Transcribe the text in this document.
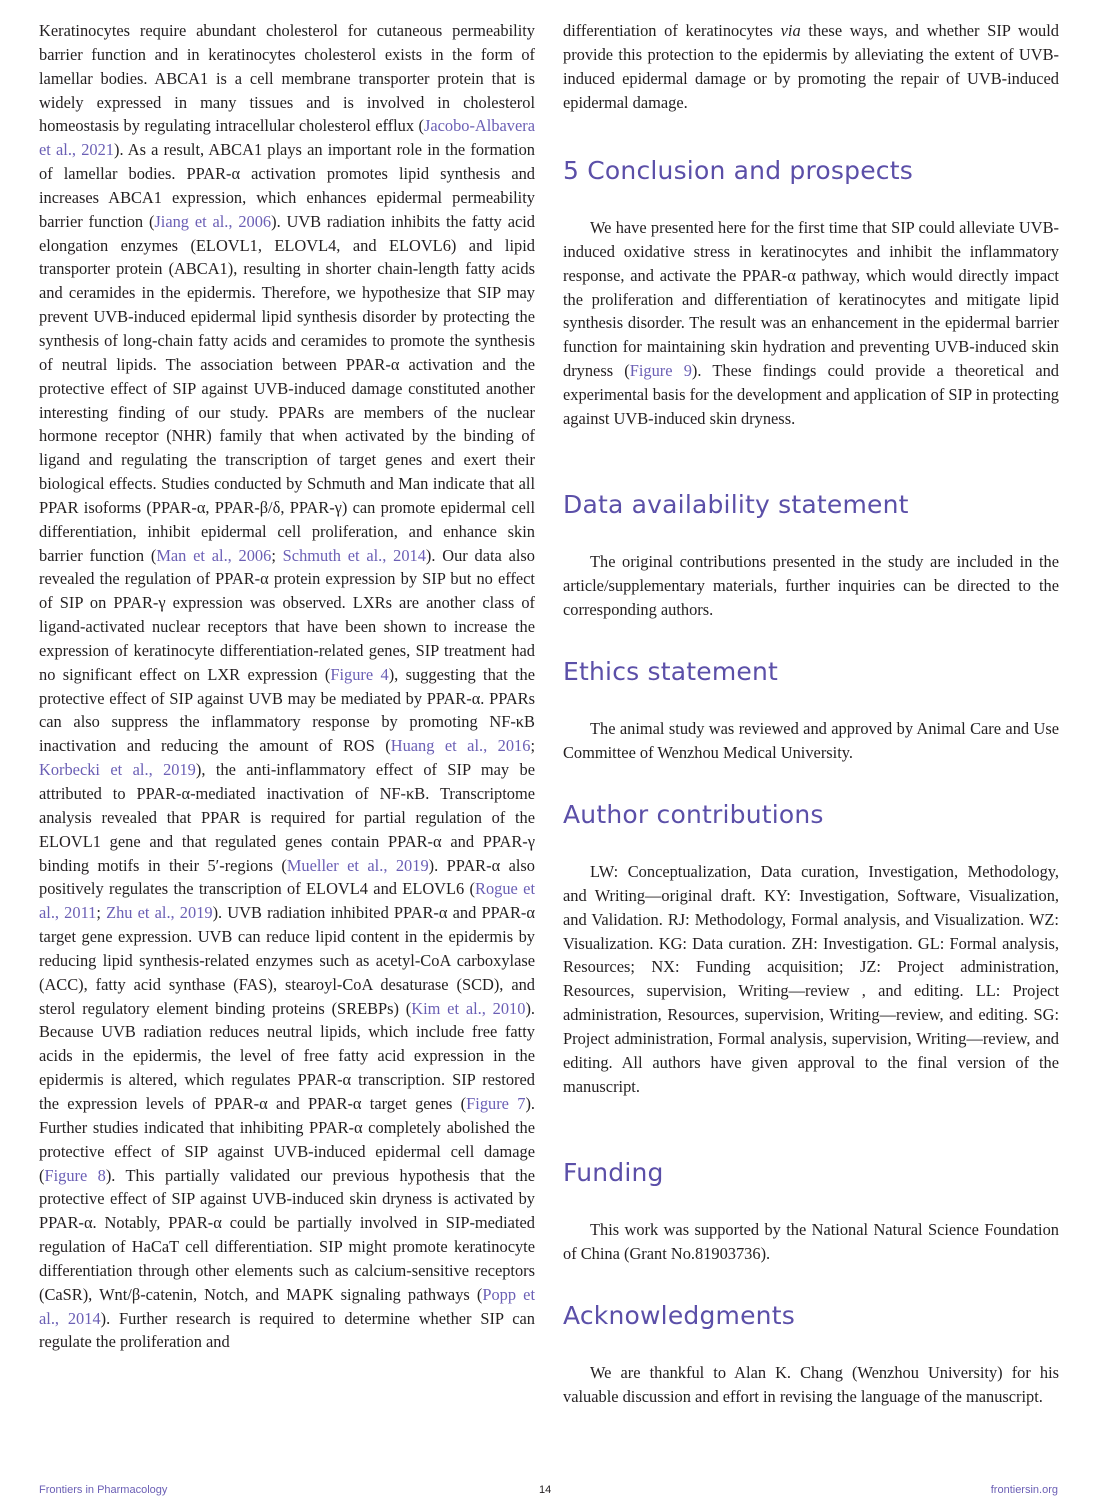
Keratinocytes require abundant cholesterol for cutaneous permeability barrier function and in keratinocytes cholesterol exists in the form of lamellar bodies. ABCA1 is a cell membrane transporter protein that is widely expressed in many tissues and is involved in cholesterol homeostasis by regulating intracellular cholesterol efflux (Jacobo-Albavera et al., 2021). As a result, ABCA1 plays an important role in the formation of lamellar bodies. PPAR-α activation promotes lipid synthesis and increases ABCA1 expression, which enhances epidermal permeability barrier function (Jiang et al., 2006). UVB radiation inhibits the fatty acid elongation enzymes (ELOVL1, ELOVL4, and ELOVL6) and lipid transporter protein (ABCA1), resulting in shorter chain-length fatty acids and ceramides in the epidermis. Therefore, we hypothesize that SIP may prevent UVB-induced epidermal lipid synthesis disorder by protecting the synthesis of long-chain fatty acids and ceramides to promote the synthesis of neutral lipids. The association between PPAR-α activation and the protective effect of SIP against UVB-induced damage constituted another interesting finding of our study. PPARs are members of the nuclear hormone receptor (NHR) family that when activated by the binding of ligand and regulating the transcription of target genes and exert their biological effects. Studies conducted by Schmuth and Man indicate that all PPAR isoforms (PPAR-α, PPAR-β/δ, PPAR-γ) can promote epidermal cell differentiation, inhibit epidermal cell proliferation, and enhance skin barrier function (Man et al., 2006; Schmuth et al., 2014). Our data also revealed the regulation of PPAR-α protein expression by SIP but no effect of SIP on PPAR-γ expression was observed. LXRs are another class of ligand-activated nuclear receptors that have been shown to increase the expression of keratinocyte differentiation-related genes, SIP treatment had no significant effect on LXR expression (Figure 4), suggesting that the protective effect of SIP against UVB may be mediated by PPAR-α. PPARs can also suppress the inflammatory response by promoting NF-κB inactivation and reducing the amount of ROS (Huang et al., 2016; Korbecki et al., 2019), the anti-inflammatory effect of SIP may be attributed to PPAR-α-mediated inactivation of NF-κB. Transcriptome analysis revealed that PPAR is required for partial regulation of the ELOVL1 gene and that regulated genes contain PPAR-α and PPAR-γ binding motifs in their 5′-regions (Mueller et al., 2019). PPAR-α also positively regulates the transcription of ELOVL4 and ELOVL6 (Rogue et al., 2011; Zhu et al., 2019). UVB radiation inhibited PPAR-α and PPAR-α target gene expression. UVB can reduce lipid content in the epidermis by reducing lipid synthesis-related enzymes such as acetyl-CoA carboxylase (ACC), fatty acid synthase (FAS), stearoyl-CoA desaturase (SCD), and sterol regulatory element binding proteins (SREBPs) (Kim et al., 2010). Because UVB radiation reduces neutral lipids, which include free fatty acids in the epidermis, the level of free fatty acid expression in the epidermis is altered, which regulates PPAR-α transcription. SIP restored the expression levels of PPAR-α and PPAR-α target genes (Figure 7). Further studies indicated that inhibiting PPAR-α completely abolished the protective effect of SIP against UVB-induced epidermal cell damage (Figure 8). This partially validated our previous hypothesis that the protective effect of SIP against UVB-induced skin dryness is activated by PPAR-α. Notably, PPAR-α could be partially involved in SIP-mediated regulation of HaCaT cell differentiation. SIP might promote keratinocyte differentiation through other elements such as calcium-sensitive receptors (CaSR), Wnt/β-catenin, Notch, and MAPK signaling pathways (Popp et al., 2014). Further research is required to determine whether SIP can regulate the proliferation and

differentiation of keratinocytes via these ways, and whether SIP would provide this protection to the epidermis by alleviating the extent of UVB-induced epidermal damage or by promoting the repair of UVB-induced epidermal damage.

5 Conclusion and prospects

We have presented here for the first time that SIP could alleviate UVB-induced oxidative stress in keratinocytes and inhibit the inflammatory response, and activate the PPAR-α pathway, which would directly impact the proliferation and differentiation of keratinocytes and mitigate lipid synthesis disorder. The result was an enhancement in the epidermal barrier function for maintaining skin hydration and preventing UVB-induced skin dryness (Figure 9). These findings could provide a theoretical and experimental basis for the development and application of SIP in protecting against UVB-induced skin dryness.

Data availability statement

The original contributions presented in the study are included in the article/supplementary materials, further inquiries can be directed to the corresponding authors.

Ethics statement

The animal study was reviewed and approved by Animal Care and Use Committee of Wenzhou Medical University.

Author contributions

LW: Conceptualization, Data curation, Investigation, Methodology, and Writing—original draft. KY: Investigation, Software, Visualization, and Validation. RJ: Methodology, Formal analysis, and Visualization. WZ: Visualization. KG: Data curation. ZH: Investigation. GL: Formal analysis, Resources; NX: Funding acquisition; JZ: Project administration, Resources, supervision, Writing—review , and editing. LL: Project administration, Resources, supervision, Writing—review, and editing. SG: Project administration, Formal analysis, supervision, Writing—review, and editing. All authors have given approval to the final version of the manuscript.

Funding

This work was supported by the National Natural Science Foundation of China (Grant No.81903736).

Acknowledgments

We are thankful to Alan K. Chang (Wenzhou University) for his valuable discussion and effort in revising the language of the manuscript.

Frontiers in Pharmacology	14	frontiersin.org
